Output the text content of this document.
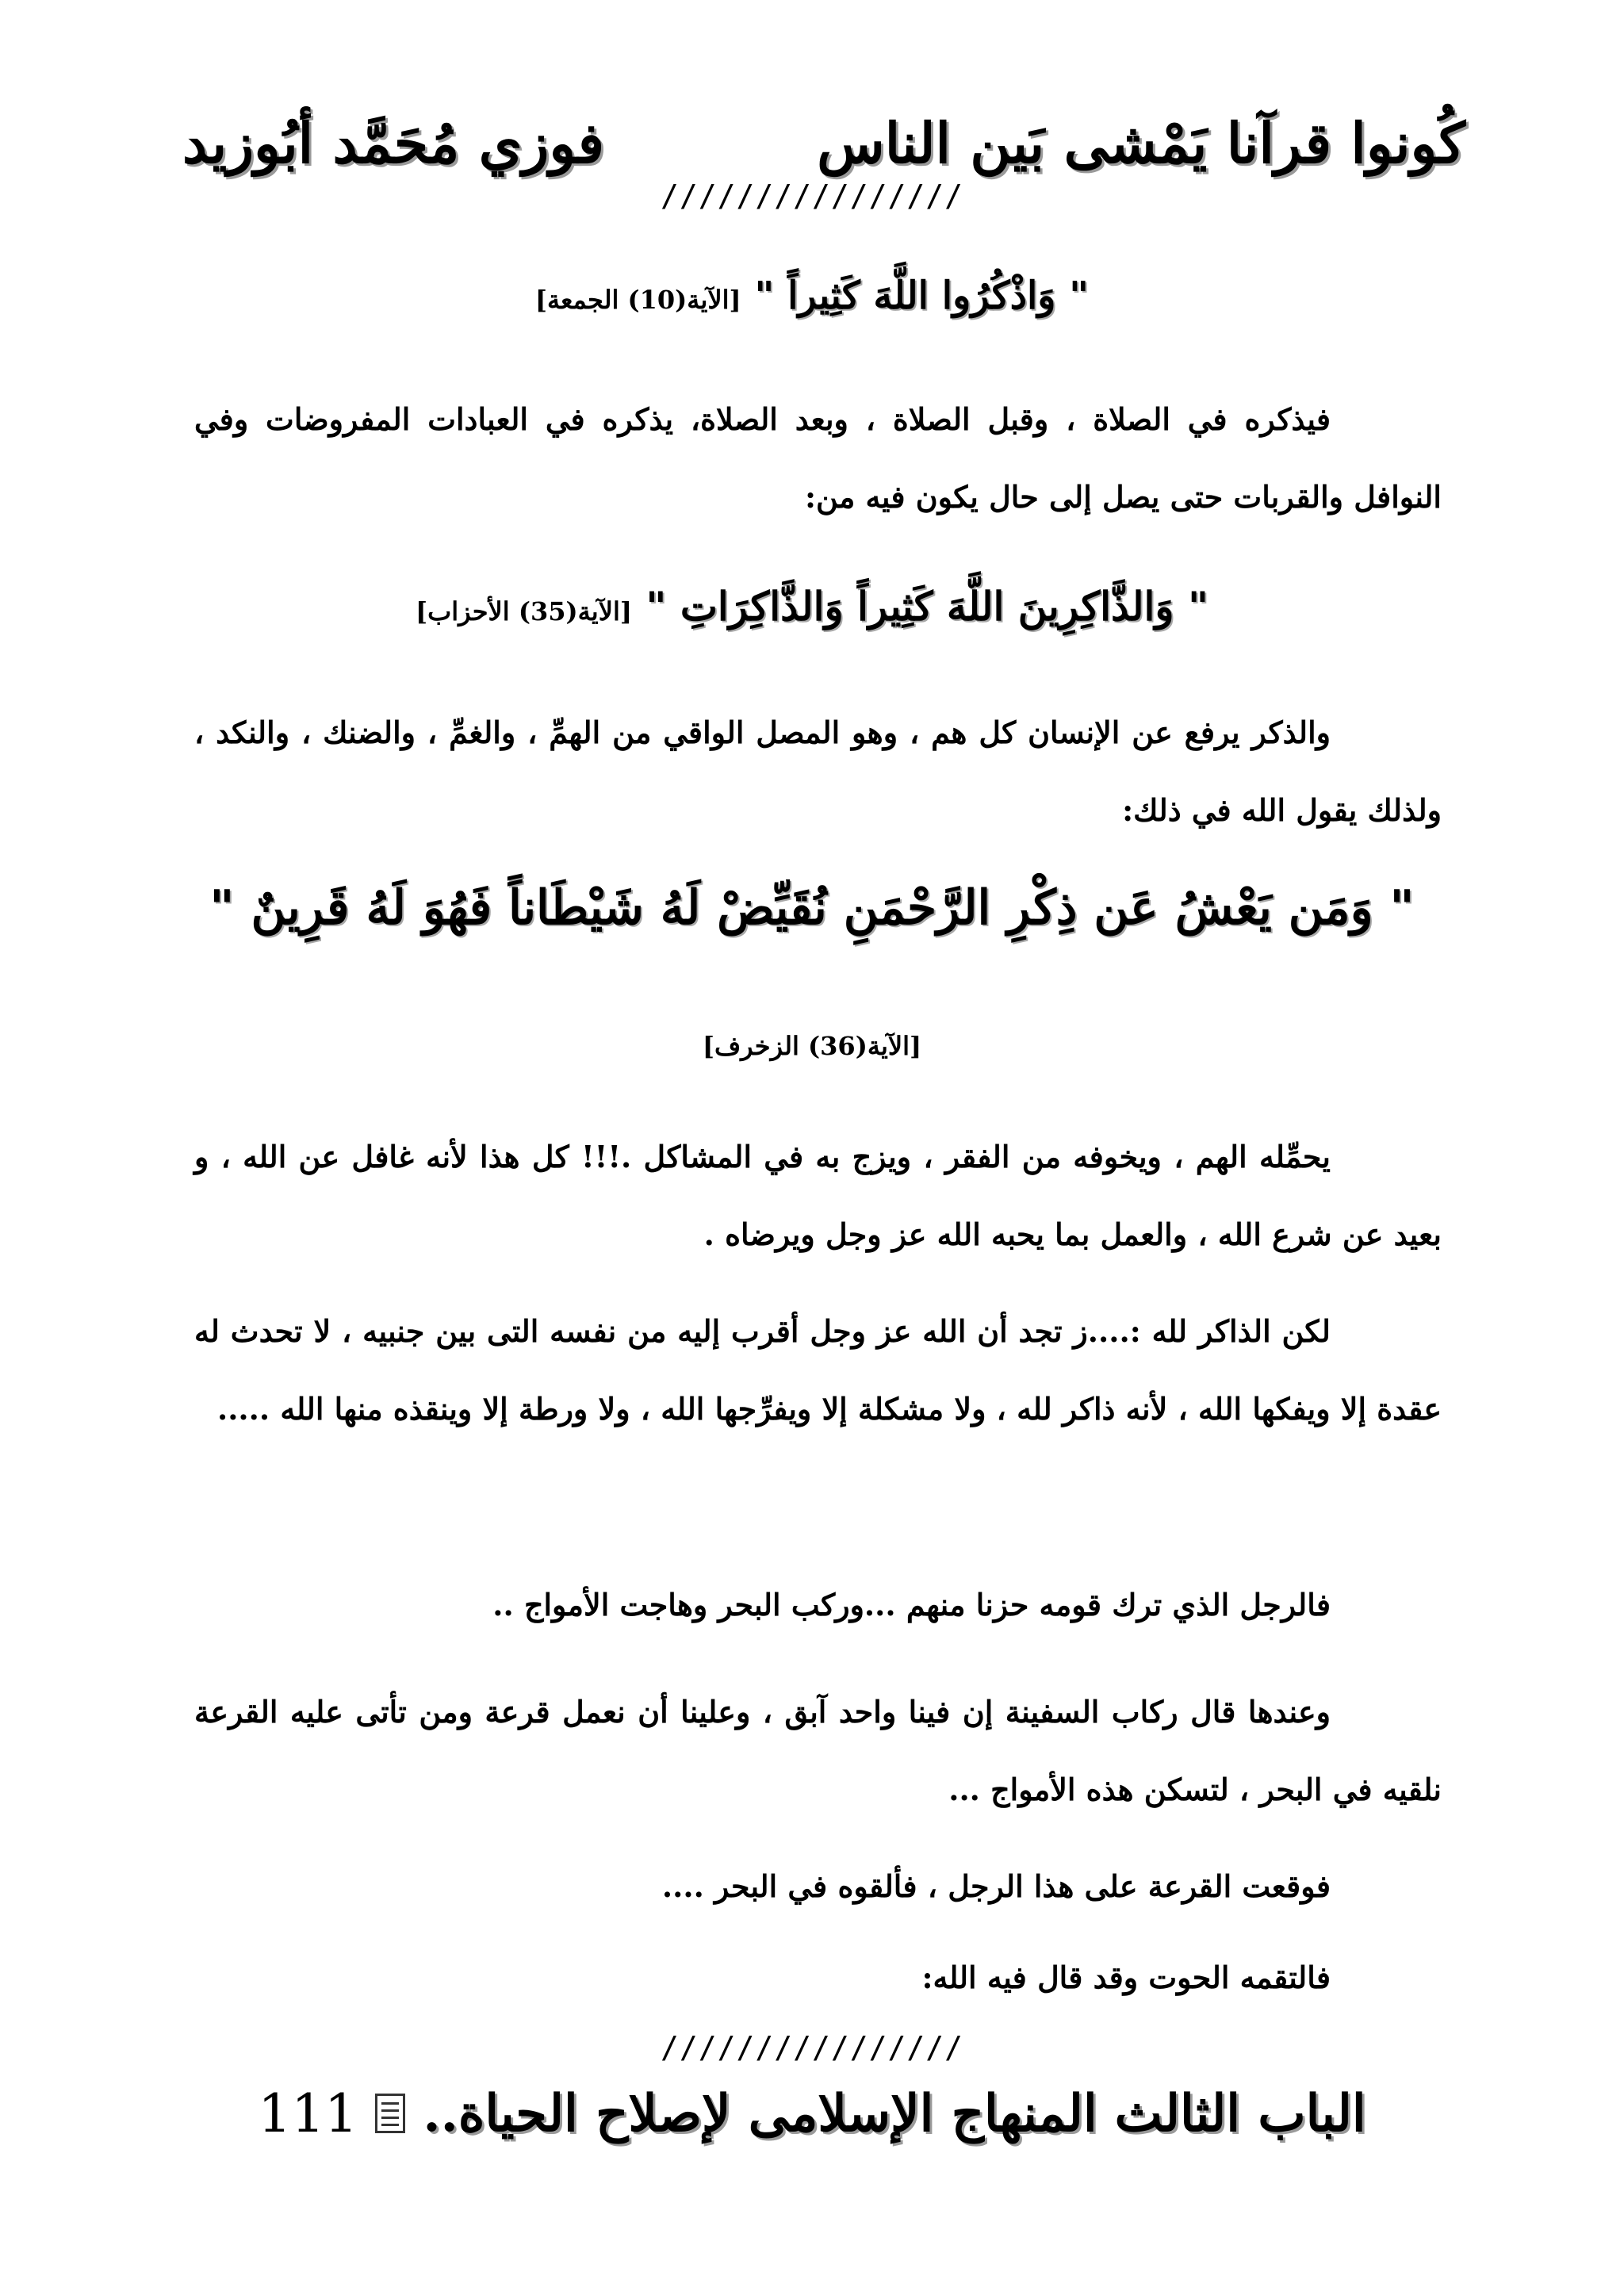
كُونوا قرآنا يَمْشى بَين الناس
فوزي مُحَمَّد أبُوزيد
////////////////
" وَاذْكُرُوا اللَّهَ كَثِيراً " [الآية(10) الجمعة]
فيذكره في الصلاة ، وقبل الصلاة ، وبعد الصلاة، يذكره في العبادات المفروضات وفي النوافل والقربات حتى يصل إلى حال يكون فيه من:
" وَالذَّاكِرِينَ اللَّهَ كَثِيراً وَالذَّاكِرَاتِ " [الآية(35) الأحزاب]
والذكر يرفع عن الإنسان كل هم ، وهو المصل الواقي من الهمِّ ، والغمِّ ، والضنك ، والنكد ، ولذلك يقول الله في ذلك:
" وَمَن يَعْشُ عَن ذِكْرِ الرَّحْمَنِ نُقَيِّضْ لَهُ شَيْطَاناً فَهُوَ لَهُ قَرِينٌ "
[الآية(36) الزخرف]
يحمِّله الهم ، ويخوفه من الفقر ، ويزج به في المشاكل .!!! كل هذا لأنه غافل عن الله ، و بعيد عن شرع الله ، والعمل بما يحبه الله عز وجل ويرضاه .
لكن الذاكر لله :....ز تجد أن الله عز وجل أقرب إليه من نفسه التى بين جنبيه ، لا تحدث له عقدة إلا ويفكها الله ، لأنه ذاكر لله ، ولا مشكلة إلا ويفرِّجها الله ، ولا ورطة إلا وينقذه منها الله .....
فالرجل الذي ترك قومه حزنا منهم ...وركب البحر وهاجت الأمواج ..
وعندها قال ركاب السفينة إن فينا واحد آبق ، وعلينا أن نعمل قرعة ومن تأتى عليه القرعة نلقيه في البحر ، لتسكن هذه الأمواج ...
فوقعت القرعة على هذا الرجل ، فألقوه في البحر ....
فالتقمه الحوت وقد قال فيه الله:
////////////////
الباب الثالث
المنهاج الإسلامى لإصلاح الحياة..
111
